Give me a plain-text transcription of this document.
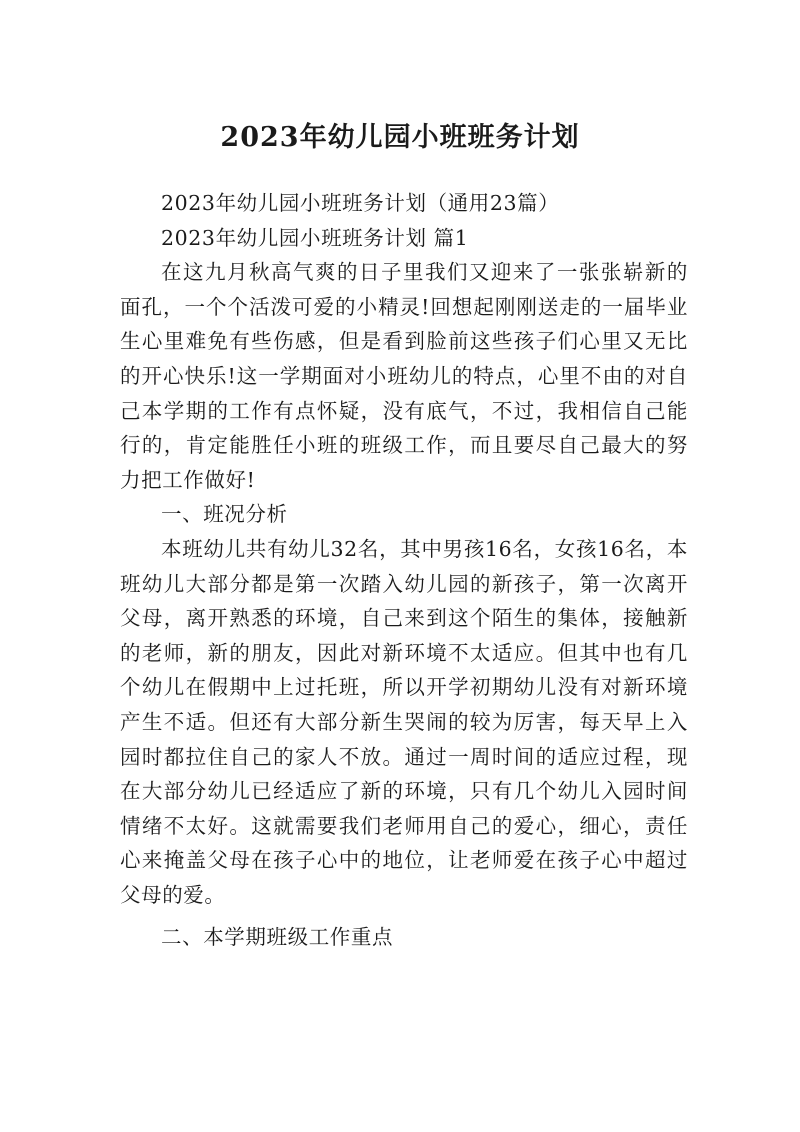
2023年幼儿园小班班务计划

2023年幼儿园小班班务计划（通用23篇）

2023年幼儿园小班班务计划 篇1

在这九月秋高气爽的日子里我们又迎来了一张张崭新的面孔，一个个活泼可爱的小精灵!回想起刚刚送走的一届毕业生心里难免有些伤感，但是看到脸前这些孩子们心里又无比的开心快乐!这一学期面对小班幼儿的特点，心里不由的对自己本学期的工作有点怀疑，没有底气，不过，我相信自己能行的，肯定能胜任小班的班级工作，而且要尽自己最大的努力把工作做好!

一、班况分析

本班幼儿共有幼儿32名，其中男孩16名，女孩16名，本班幼儿大部分都是第一次踏入幼儿园的新孩子，第一次离开父母，离开熟悉的环境，自己来到这个陌生的集体，接触新的老师，新的朋友，因此对新环境不太适应。但其中也有几个幼儿在假期中上过托班，所以开学初期幼儿没有对新环境产生不适。但还有大部分新生哭闹的较为厉害，每天早上入园时都拉住自己的家人不放。通过一周时间的适应过程，现在大部分幼儿已经适应了新的环境，只有几个幼儿入园时间情绪不太好。这就需要我们老师用自己的爱心，细心，责任心来掩盖父母在孩子心中的地位，让老师爱在孩子心中超过父母的爱。

二、本学期班级工作重点
